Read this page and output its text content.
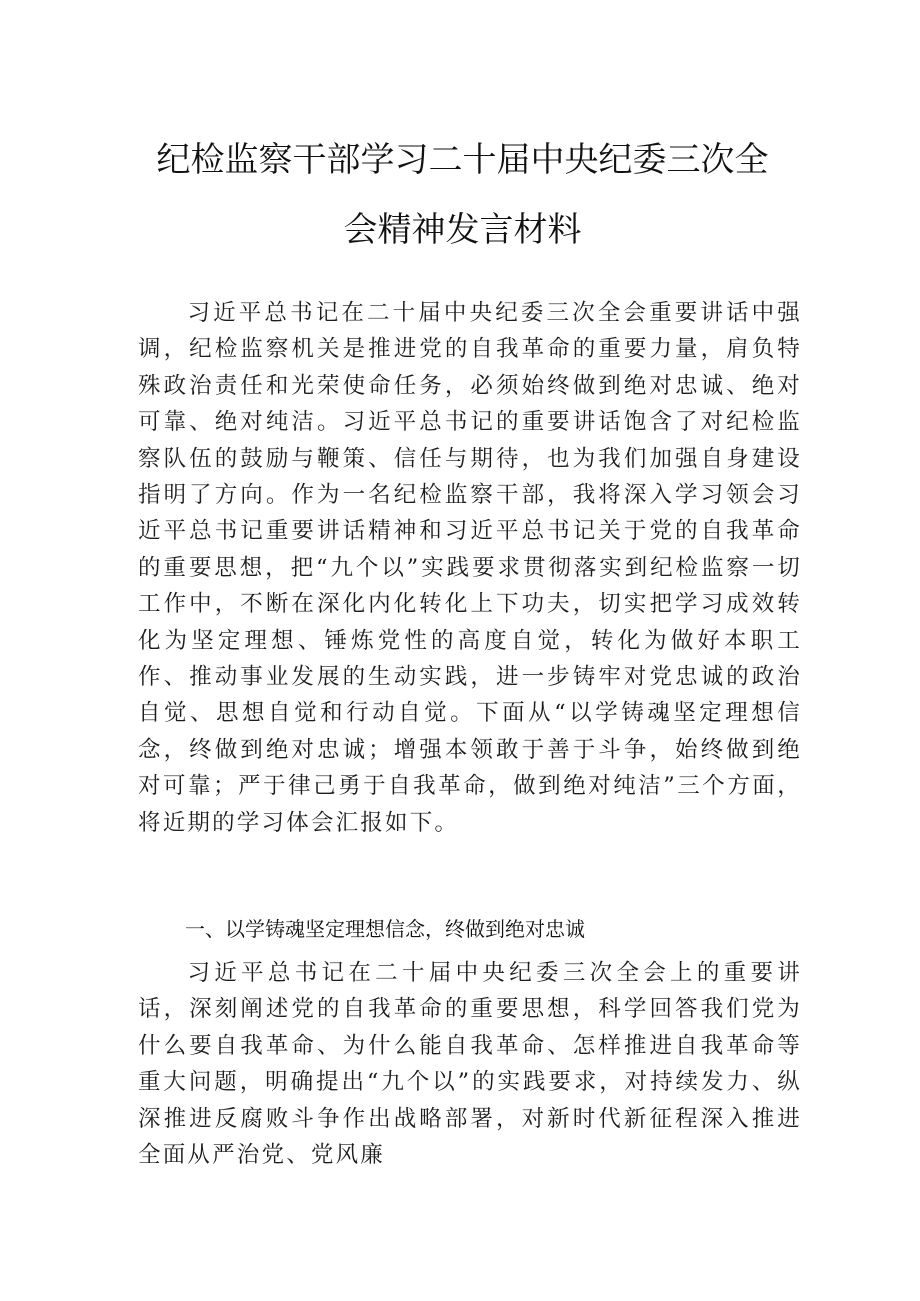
纪检监察干部学习二十届中央纪委三次全
会精神发言材料

习近平总书记在二十届中央纪委三次全会重要讲话中强调，纪检监察机关是推进党的自我革命的重要力量，肩负特殊政治责任和光荣使命任务，必须始终做到绝对忠诚、绝对可靠、绝对纯洁。习近平总书记的重要讲话饱含了对纪检监察队伍的鼓励与鞭策、信任与期待，也为我们加强自身建设指明了方向。作为一名纪检监察干部，我将深入学习领会习近平总书记重要讲话精神和习近平总书记关于党的自我革命的重要思想，把“九个以”实践要求贯彻落实到纪检监察一切工作中，不断在深化内化转化上下功夫，切实把学习成效转化为坚定理想、锤炼党性的高度自觉，转化为做好本职工作、推动事业发展的生动实践，进一步铸牢对党忠诚的政治自觉、思想自觉和行动自觉。下面从“以学铸魂坚定理想信念，终做到绝对忠诚；增强本领敢于善于斗争，始终做到绝对可靠；严于律己勇于自我革命，做到绝对纯洁”三个方面，将近期的学习体会汇报如下。

一、以学铸魂坚定理想信念，终做到绝对忠诚

习近平总书记在二十届中央纪委三次全会上的重要讲话，深刻阐述党的自我革命的重要思想，科学回答我们党为什么要自我革命、为什么能自我革命、怎样推进自我革命等重大问题，明确提出“九个以”的实践要求，对持续发力、纵深推进反腐败斗争作出战略部署，对新时代新征程深入推进全面从严治党、党风廉
